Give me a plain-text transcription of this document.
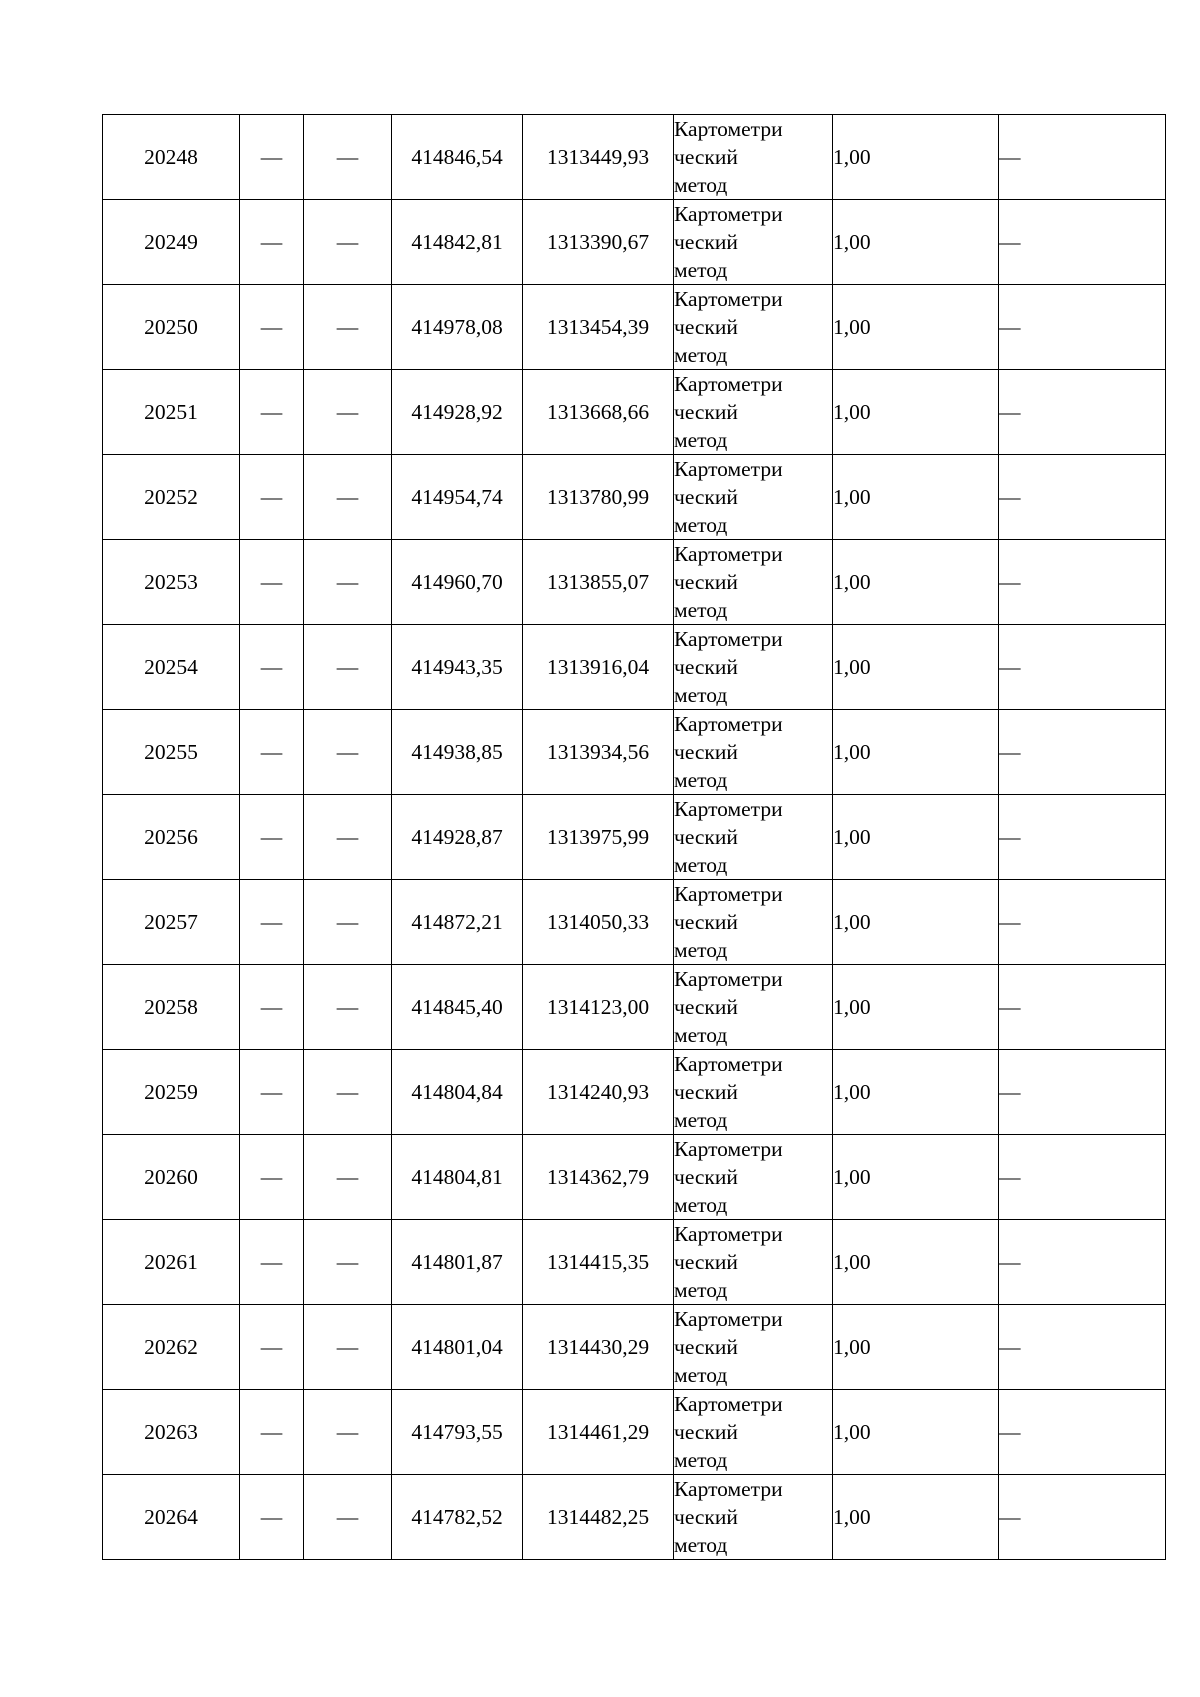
20248	—	—	414846,54	1313449,93	Картометри
ческий
метод	1,00	—
20249	—	—	414842,81	1313390,67	Картометри
ческий
метод	1,00	—
20250	—	—	414978,08	1313454,39	Картометри
ческий
метод	1,00	—
20251	—	—	414928,92	1313668,66	Картометри
ческий
метод	1,00	—
20252	—	—	414954,74	1313780,99	Картометри
ческий
метод	1,00	—
20253	—	—	414960,70	1313855,07	Картометри
ческий
метод	1,00	—
20254	—	—	414943,35	1313916,04	Картометри
ческий
метод	1,00	—
20255	—	—	414938,85	1313934,56	Картометри
ческий
метод	1,00	—
20256	—	—	414928,87	1313975,99	Картометри
ческий
метод	1,00	—
20257	—	—	414872,21	1314050,33	Картометри
ческий
метод	1,00	—
20258	—	—	414845,40	1314123,00	Картометри
ческий
метод	1,00	—
20259	—	—	414804,84	1314240,93	Картометри
ческий
метод	1,00	—
20260	—	—	414804,81	1314362,79	Картометри
ческий
метод	1,00	—
20261	—	—	414801,87	1314415,35	Картометри
ческий
метод	1,00	—
20262	—	—	414801,04	1314430,29	Картометри
ческий
метод	1,00	—
20263	—	—	414793,55	1314461,29	Картометри
ческий
метод	1,00	—
20264	—	—	414782,52	1314482,25	Картометри
ческий
метод	1,00	—
